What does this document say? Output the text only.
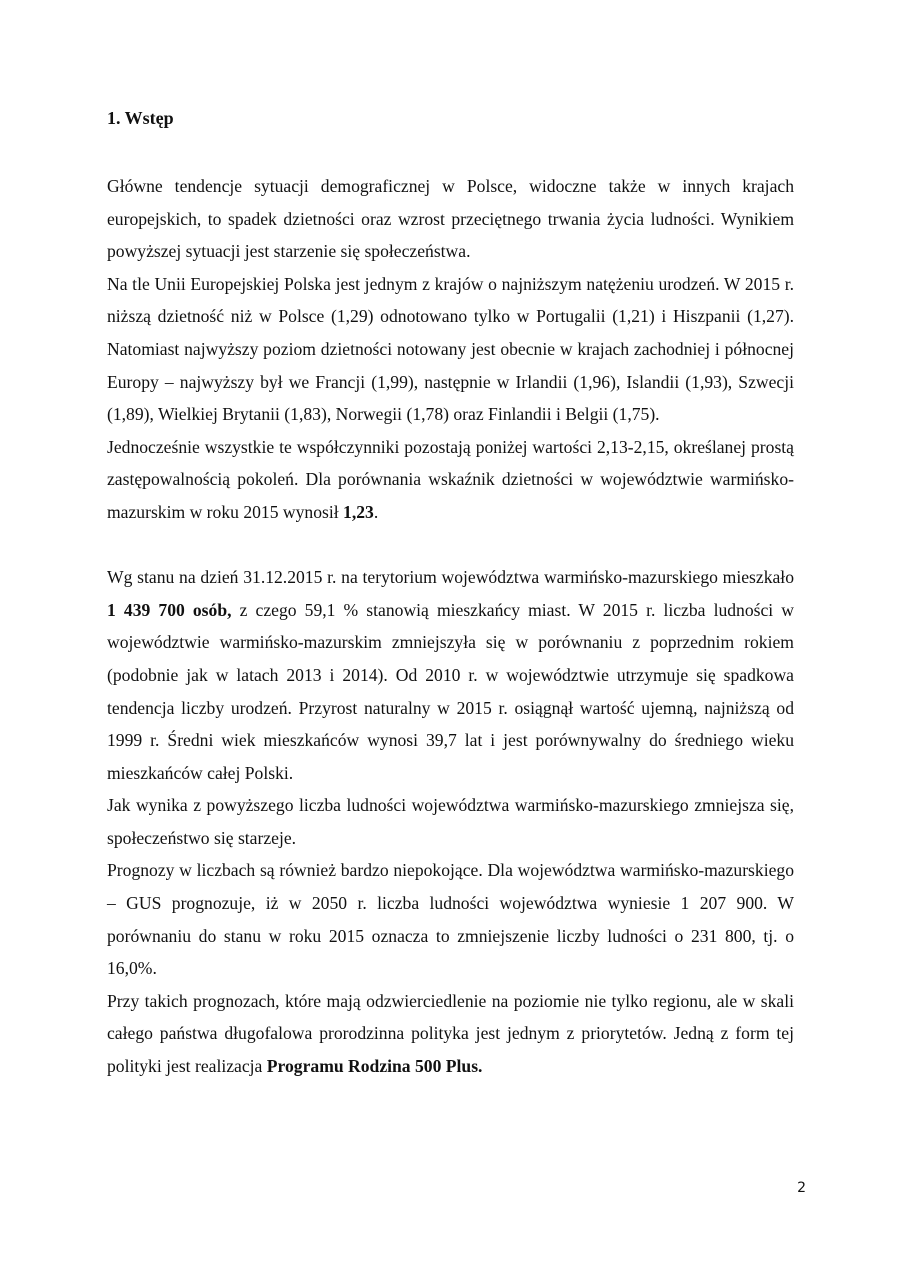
1. Wstęp

Główne tendencje sytuacji demograficznej w Polsce, widoczne także w innych krajach europejskich, to spadek dzietności oraz wzrost przeciętnego trwania życia ludności. Wynikiem powyższej sytuacji jest starzenie się społeczeństwa.

Na tle Unii Europejskiej Polska jest jednym z krajów o najniższym natężeniu urodzeń. W 2015 r. niższą dzietność niż w Polsce (1,29) odnotowano tylko w Portugalii (1,21) i Hiszpanii (1,27). Natomiast najwyższy poziom dzietności notowany jest obecnie w krajach zachodniej i północnej Europy – najwyższy był we Francji (1,99), następnie w Irlandii (1,96), Islandii (1,93), Szwecji (1,89), Wielkiej Brytanii (1,83), Norwegii (1,78) oraz Finlandii i Belgii (1,75).

Jednocześnie wszystkie te współczynniki pozostają poniżej wartości 2,13-2,15, określanej prostą zastępowalnością pokoleń. Dla porównania wskaźnik dzietności w województwie warmińsko-mazurskim w roku 2015 wynosił 1,23.

Wg stanu na dzień 31.12.2015 r. na terytorium województwa warmińsko-mazurskiego mieszkało 1 439 700 osób, z czego 59,1 % stanowią mieszkańcy miast. W 2015 r. liczba ludności w województwie warmińsko-mazurskim zmniejszyła się w porównaniu z poprzednim rokiem (podobnie jak w latach 2013 i 2014). Od 2010 r. w województwie utrzymuje się spadkowa tendencja liczby urodzeń. Przyrost naturalny w 2015 r. osiągnął wartość ujemną, najniższą od 1999 r. Średni wiek mieszkańców wynosi 39,7 lat i jest porównywalny do średniego wieku mieszkańców całej Polski.

Jak wynika z powyższego liczba ludności województwa warmińsko-mazurskiego zmniejsza się, społeczeństwo się starzeje.

Prognozy w liczbach są również bardzo niepokojące. Dla województwa warmińsko-mazurskiego – GUS prognozuje, iż w 2050 r. liczba ludności województwa wyniesie 1 207 900. W porównaniu do stanu w roku 2015 oznacza to zmniejszenie liczby ludności o 231 800, tj. o 16,0%.

Przy takich prognozach, które mają odzwierciedlenie na poziomie nie tylko regionu, ale w skali całego państwa długofalowa prorodzinna polityka jest jednym z priorytetów. Jedną z form tej polityki jest realizacja Programu Rodzina 500 Plus.

2
